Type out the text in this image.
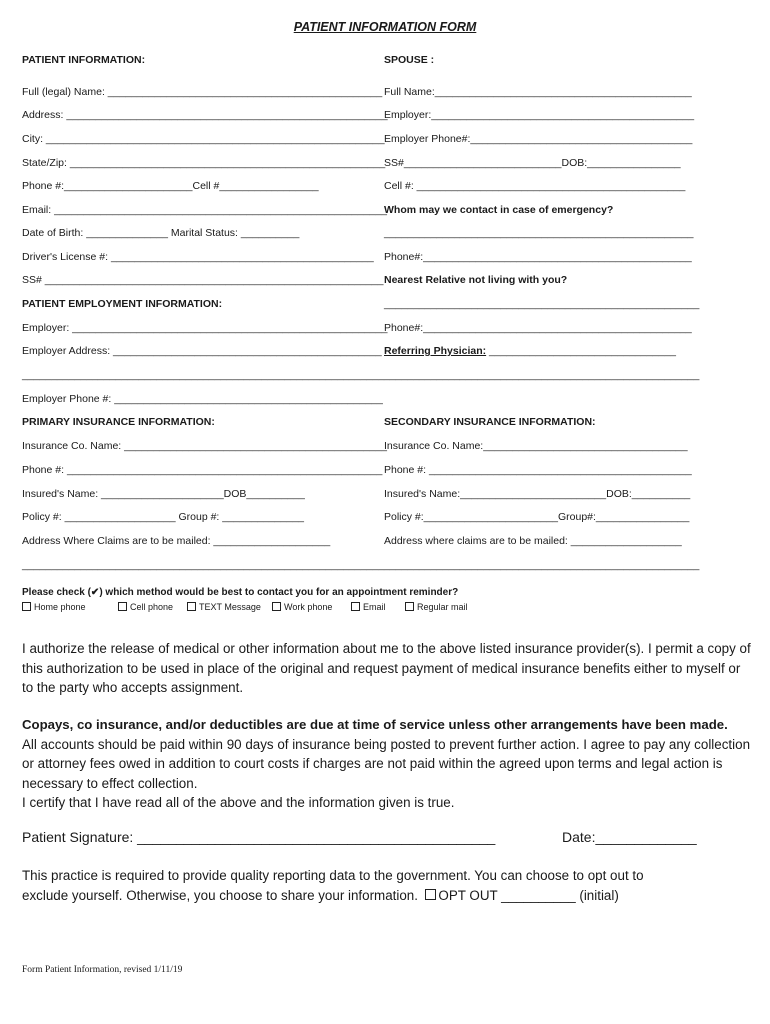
PATIENT INFORMATION FORM
PATIENT INFORMATION:
Full (legal) Name: _______________________________________________
Address: _______________________________________________________
City: __________________________________________________________
State/Zip: ______________________________________________________
Phone #:______________________Cell #_________________
Email: _________________________________________________________
Date of Birth: ______________ Marital Status: __________
Driver's License #: _____________________________________________
SS# __________________________________________________________
PATIENT EMPLOYMENT INFORMATION:
Employer: ______________________________________________________
Employer Address: ______________________________________________
______________________________________________________________
Employer Phone #: ______________________________________________
PRIMARY INSURANCE INFORMATION:
Insurance Co. Name: _____________________________________________
Phone #: ______________________________________________________
Insured's Name: _____________________DOB__________
Policy #: ___________________ Group #: ______________
Address Where Claims are to be mailed: ____________________
______________________________________________________________
SPOUSE :
Full Name:____________________________________________
Employer:_____________________________________________
Employer Phone#:______________________________________
SS#___________________________DOB:________________
Cell #: ______________________________________________
Whom may we contact in case of emergency?
_____________________________________________________
Phone#:______________________________________________
Nearest Relative not living with you?
______________________________________________________
Phone#:______________________________________________
Referring Physician: ________________________________
______________________________________________________
SECONDARY INSURANCE INFORMATION:
Insurance Co. Name:___________________________________
Phone #: _____________________________________________
Insured's Name:_________________________DOB:__________
Policy #:_______________________Group#:________________
Address where claims are to be mailed: ___________________
______________________________________________________
Please check (✔) which method would be best to contact you for an appointment reminder?
Home phone	Cell phone	TEXT Message	Work phone	Email	Regular mail

I authorize the release of medical or other information about me to the above listed insurance provider(s). I permit a copy of this authorization to be used in place of the original and request payment of medical insurance benefits either to myself or to the party who accepts assignment.

Copays, co insurance, and/or deductibles are due at time of service unless other arrangements have been made.

All accounts should be paid within 90 days of insurance being posted to prevent further action. I agree to pay any collection or attorney fees owed in addition to court costs if charges are not paid within the agreed upon terms and legal action is necessary to effect collection.

I certify that I have read all of the above and the information given is true.

Patient Signature: ______________________________________________	Date:_____________

This practice is required to provide quality reporting data to the government. You can choose to opt out to

exclude yourself. Otherwise, you choose to share your information. OPT OUT __________ (initial)

Form Patient Information, revised 1/11/19
